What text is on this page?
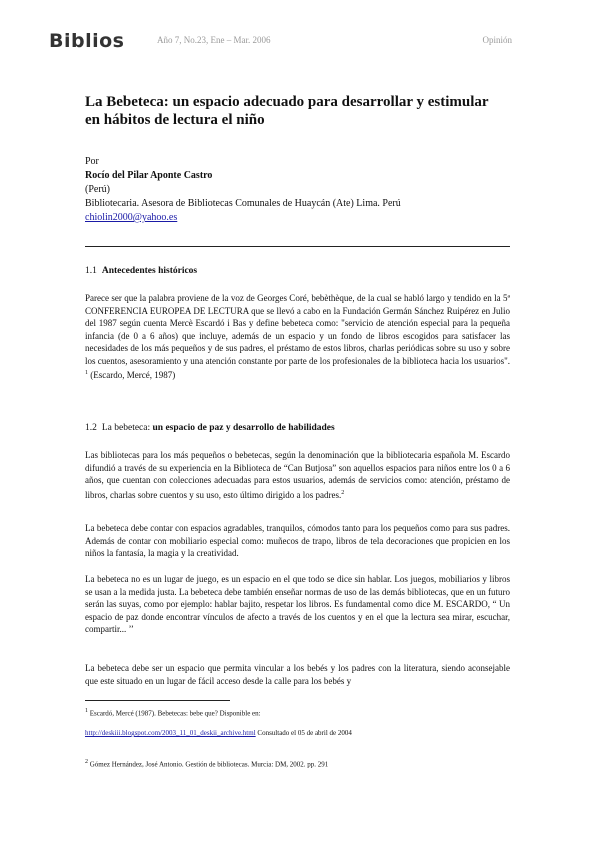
Biblios	Año 7, No.23, Ene – Mar. 2006	Opinión
La Bebeteca: un espacio adecuado para desarrollar y estimular en hábitos de lectura el niño
Por
Rocío del Pilar Aponte Castro
(Perú)
Bibliotecaria. Asesora de Bibliotecas Comunales de Huaycán (Ate) Lima. Perú
chiolin2000@yahoo.es
1.1 Antecedentes históricos

Parece ser que la palabra proviene de la voz de Georges Coré, bebèthèque, de la cual se habló largo y tendido en la 5ª CONFERENCIA EUROPEA DE LECTURA que se llevó a cabo en la Fundación Germán Sánchez Ruipérez en Julio del 1987 según cuenta Mercè Escardó i Bas y define bebeteca como: "servicio de atención especial para la pequeña infancia (de 0 a 6 años) que incluye, además de un espacio y un fondo de libros escogidos para satisfacer las necesidades de los más pequeños y de sus padres, el préstamo de estos libros, charlas periódicas sobre su uso y sobre los cuentos, asesoramiento y una atención constante por parte de los profesionales de la biblioteca hacia los usuarios". $^1$ (Escardo, Mercé, 1987)

1.2 La bebeteca: un espacio de paz y desarrollo de habilidades

Las bibliotecas para los más pequeños o bebetecas, según la denominación que la bibliotecaria española M. Escardo difundió a través de su experiencia en la Biblioteca de “Can Butjosa” son aquellos espacios para niños entre los 0 a 6 años, que cuentan con colecciones adecuadas para estos usuarios, además de servicios como: atención, préstamo de libros, charlas sobre cuentos y su uso, esto último dirigido a los padres.$^2$

La bebeteca debe contar con espacios agradables, tranquilos, cómodos tanto para los pequeños como para sus padres. Además de contar con mobiliario especial como: muñecos de trapo, libros de tela decoraciones que propicien en los niños la fantasía, la magia y la creatividad.

La bebeteca no es un lugar de juego, es un espacio en el que todo se dice sin hablar. Los juegos, mobiliarios y libros se usan a la medida justa. La bebeteca debe también enseñar normas de uso de las demás bibliotecas, que en un futuro serán las suyas, como por ejemplo: hablar bajito, respetar los libros. Es fundamental como dice M. ESCARDO, “ Un espacio de paz donde encontrar vínculos de afecto a través de los cuentos y en el que la lectura sea mirar, escuchar, compartir... ’’

La bebeteca debe ser un espacio que permita vincular a los bebés y los padres con la literatura, siendo aconsejable que este situado en un lugar de fácil acceso desde la calle para los bebés y

$^1$ Escardó, Mercé (1987). Bebetecas: bebe que? Disponible en:

http://deskiii.blogspot.com/2003_11_01_deskii_archive.html Consultado el 05 de abril de 2004

$^2$ Gómez Hernández, José Antonio. Gestión de bibliotecas. Murcia: DM, 2002. pp. 291
